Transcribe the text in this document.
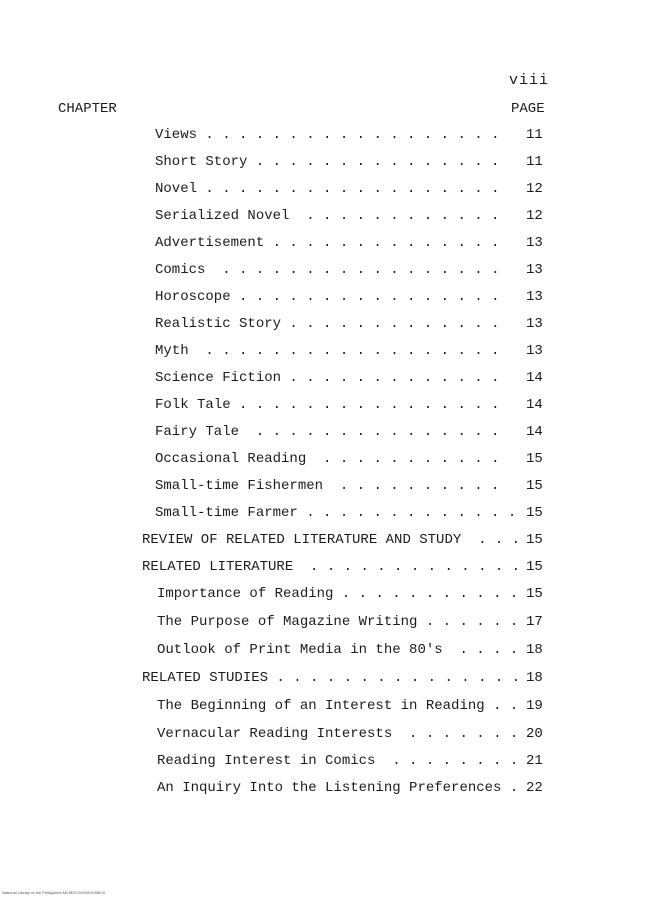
viii
CHAPTER	PAGE
Views . . . . . . . . . . . . . . . . . . 11
Short Story . . . . . . . . . . . . . . . 11
Novel . . . . . . . . . . . . . . . . . . 12
Serialized Novel  . . . . . . . . . . . . 12
Advertisement . . . . . . . . . . . . . . 13
Comics  . . . . . . . . . . . . . . . . . 13
Horoscope . . . . . . . . . . . . . . . . 13
Realistic Story . . . . . . . . . . . . . 13
Myth  . . . . . . . . . . . . . . . . . . 13
Science Fiction . . . . . . . . . . . . . 14
Folk Tale . . . . . . . . . . . . . . . . 14
Fairy Tale  . . . . . . . . . . . . . . . 14
Occasional Reading  . . . . . . . . . . . 15
Small-time Fishermen  . . . . . . . . . . 15
Small-time Farmer . . . . . . . . . . . . . 15
REVIEW OF RELATED LITERATURE AND STUDY  . . . 15
RELATED LITERATURE  . . . . . . . . . . . . . 15
Importance of Reading . . . . . . . . . . . 15
The Purpose of Magazine Writing . . . . . . 17
Outlook of Print Media in the 80's  . . . . 18
RELATED STUDIES . . . . . . . . . . . . . . . 18
The Beginning of an Interest in Reading . . 19
Vernacular Reading Interests  . . . . . . . 20
Reading Interest in Comics  . . . . . . . . 21
An Inquiry Into the Listening Preferences . 22
National Library of the Philippines MCMXCI1993010960 iii
